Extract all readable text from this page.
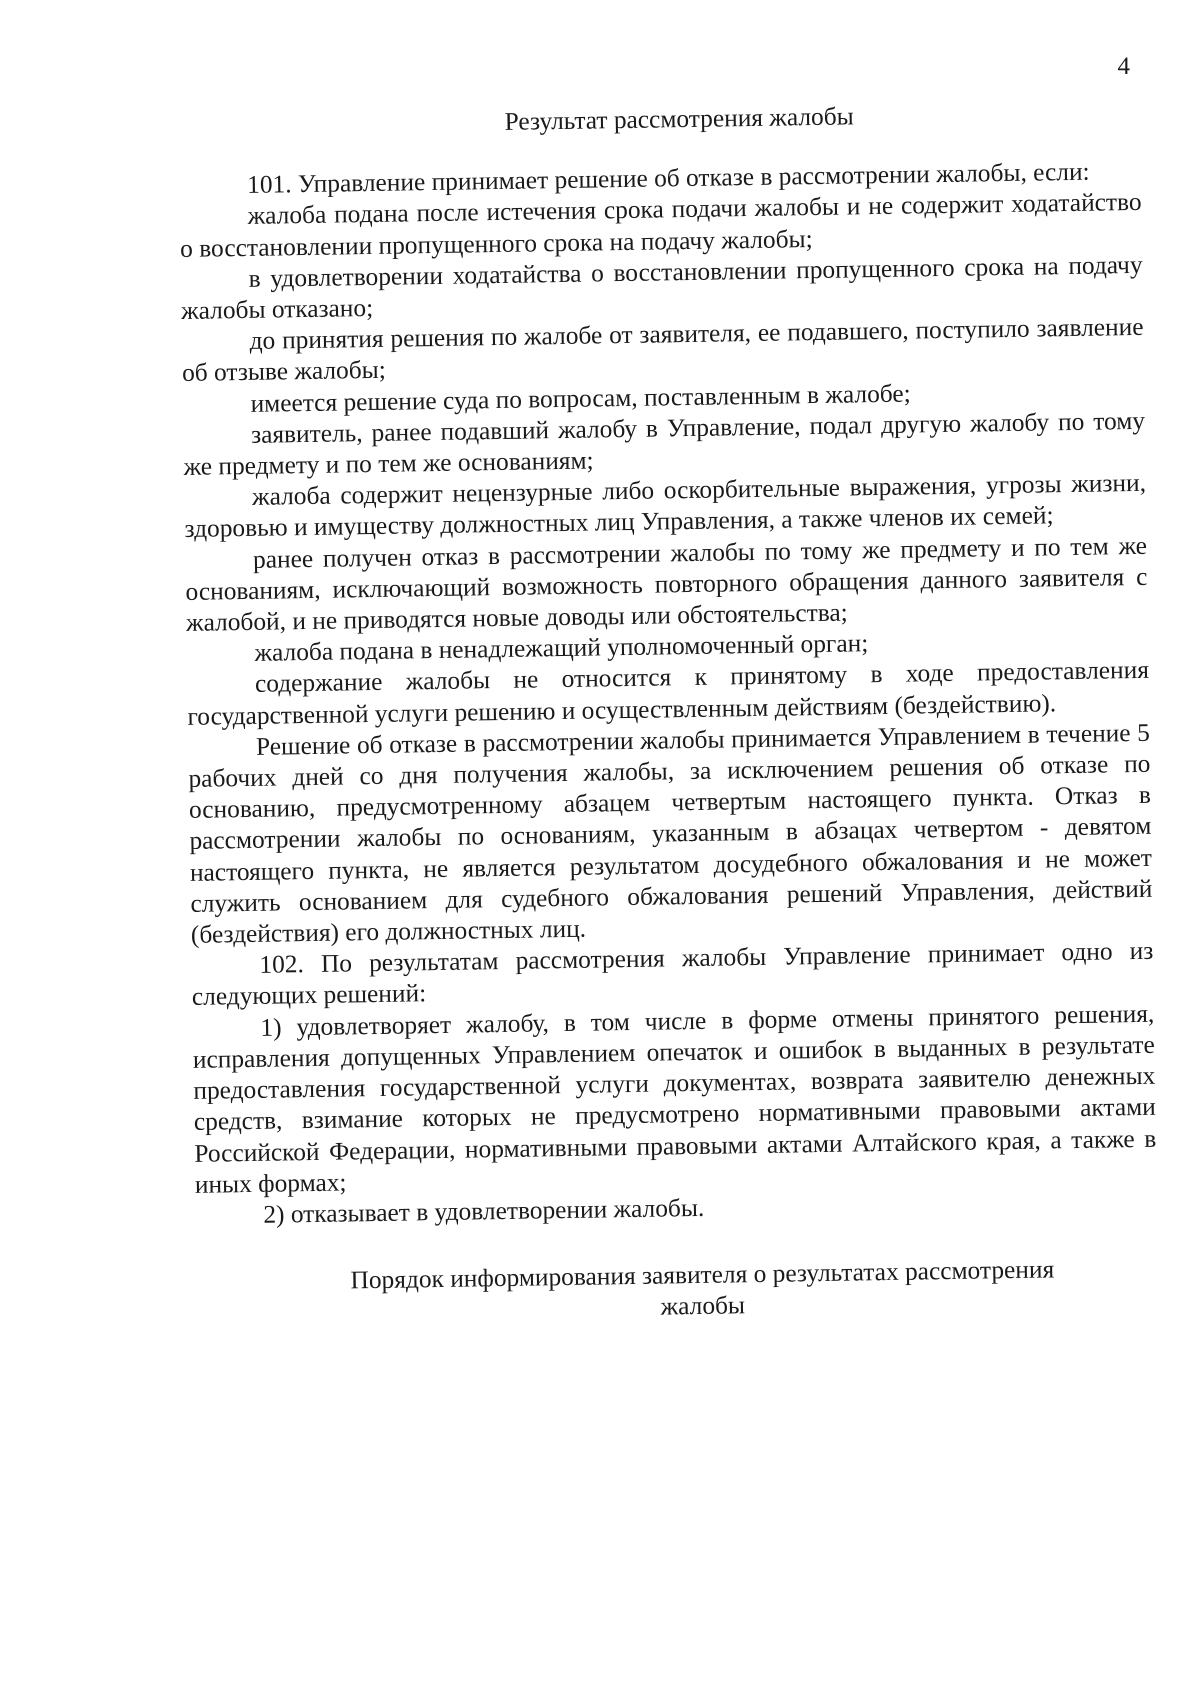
4
Результат рассмотрения жалобы

101. Управление принимает решение об отказе в рассмотрении жалобы, если:

жалоба подана после истечения срока подачи жалобы и не содержит ходатайство о восстановлении пропущенного срока на подачу жалобы;

в удовлетворении ходатайства о восстановлении пропущенного срока на подачу жалобы отказано;

до принятия решения по жалобе от заявителя, ее подавшего, поступило заявление об отзыве жалобы;

имеется решение суда по вопросам, поставленным в жалобе;

заявитель, ранее подавший жалобу в Управление, подал другую жалобу по тому же предмету и по тем же основаниям;

жалоба содержит нецензурные либо оскорбительные выражения, угрозы жизни, здоровью и имуществу должностных лиц Управления, а также членов их семей;

ранее получен отказ в рассмотрении жалобы по тому же предмету и по тем же основаниям, исключающий возможность повторного обращения данного заявителя с жалобой, и не приводятся новые доводы или обстоятельства;

жалоба подана в ненадлежащий уполномоченный орган;

содержание жалобы не относится к принятому в ходе предоставления государственной услуги решению и осуществленным действиям (бездействию).

Решение об отказе в рассмотрении жалобы принимается Управлением в течение 5 рабочих дней со дня получения жалобы, за исключением решения об отказе по основанию, предусмотренному абзацем четвертым настоящего пункта. Отказ в рассмотрении жалобы по основаниям, указанным в абзацах четвертом - девятом настоящего пункта, не является результатом досудебного обжалования и не может служить основанием для судебного обжалования решений Управления, действий (бездействия) его должностных лиц.

102. По результатам рассмотрения жалобы Управление принимает одно из следующих решений:

1) удовлетворяет жалобу, в том числе в форме отмены принятого решения, исправления допущенных Управлением опечаток и ошибок в выданных в результате предоставления государственной услуги документах, возврата заявителю денежных средств, взимание которых не предусмотрено нормативными правовыми актами Российской Федерации, нормативными правовыми актами Алтайского края, а также в иных формах;

2) отказывает в удовлетворении жалобы.

Порядок информирования заявителя о результатах рассмотрения
жалобы
